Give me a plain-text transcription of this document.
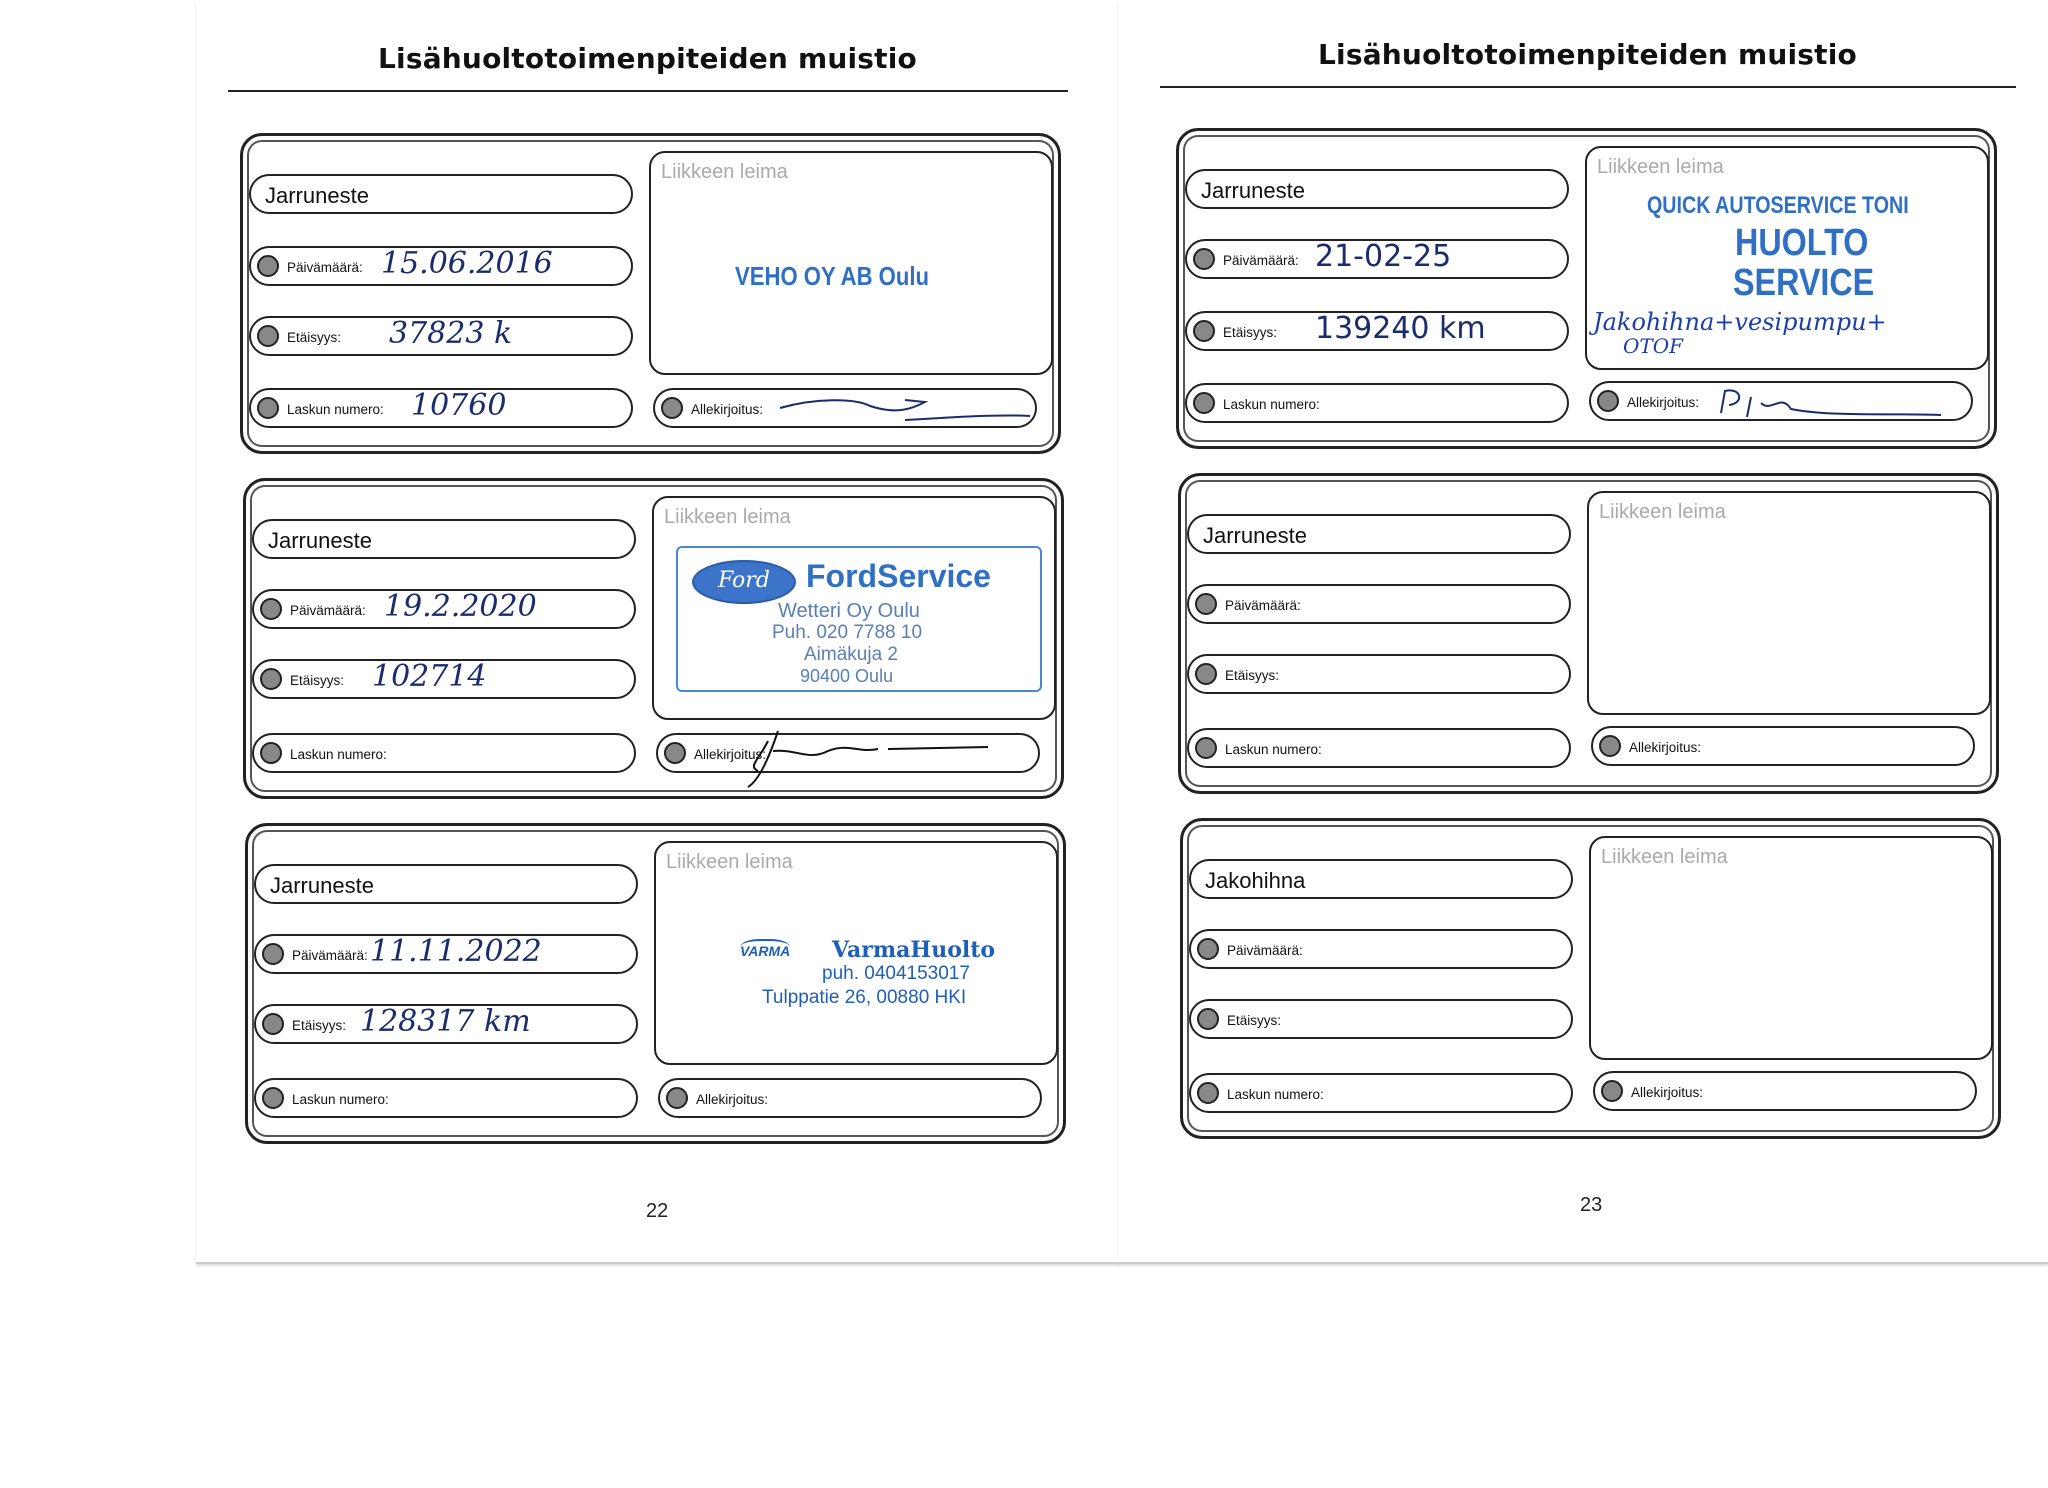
Lisähuoltotoimenpiteiden muistio
Jarruneste
Päivämäärä: 15.06.2016
Etäisyys: 37823 k
Laskun numero: 10760	Allekirjoitus:
Liikkeen leima
VEHO OY AB Oulu
Jarruneste
Päivämäärä: 19.2.2020
Etäisyys: 102714
Laskun numero:	Allekirjoitus:
Liikkeen leima
Ford FordService
Wetteri Oy Oulu
Puh. 020 7788 10
Aimäkuja 2
90400 Oulu
Jarruneste
Päivämäärä: 11.11.2022
Etäisyys: 128317 km
Laskun numero:	Allekirjoitus:
Liikkeen leima
VARMA VarmaHuolto
puh. 0404153017
Tulppatie 26, 00880 HKI
22
Lisähuoltotoimenpiteiden muistio
Jarruneste
Päivämäärä: 21-02-25
Etäisyys: 139240 km
Laskun numero:	Allekirjoitus:
Liikkeen leima
QUICK AUTOSERVICE TONI
HUOLTO
SERVICE
Jakohihna+vesipumpu+
OTOF
Jarruneste
Päivämäärä:
Etäisyys:
Laskun numero:	Allekirjoitus:
Liikkeen leima
Jakohihna
Päivämäärä:
Etäisyys:
Laskun numero:	Allekirjoitus:
Liikkeen leima
23
